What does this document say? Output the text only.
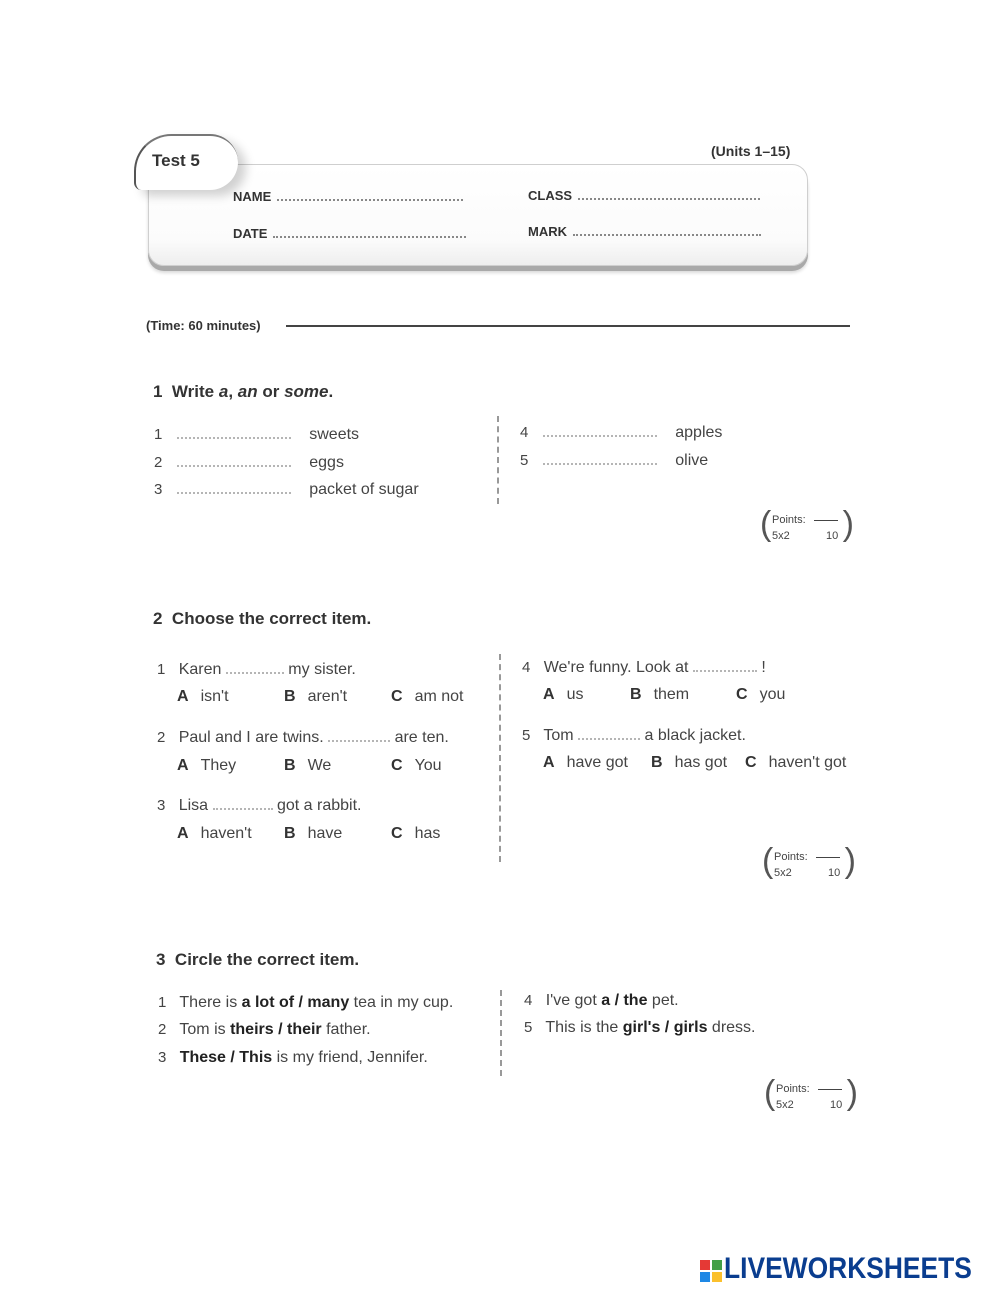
Test 5	(Units 1–15)
NAME	CLASS
DATE	MARK
(Time: 60 minutes)
1 Write a, an or some.
1	sweets
2	eggs
3	packet of sugar
4	apples
5	olive
( Points:
5x2	10 )
2 Choose the correct item.
1 Karen	my sister.
A isn't	B aren't	C am not
2 Paul and I are twins.	are ten.
A They	B We	C You
3 Lisa	got a rabbit.
A haven't B have	C has
4 We're funny. Look at	!
A us	B them	C you
5 Tom	a black jacket.
A have got B has got C haven't got
( Points:
5x2	10 )
3 Circle the correct item.
1 There is a lot of / many tea in my cup.
2 Tom is theirs / their father.
3 These / This is my friend, Jennifer.
4 I've got a / the pet.
5 This is the girl's / girls dress.
( Points:
5x2	10 )
LIVEWORKSHEETS
